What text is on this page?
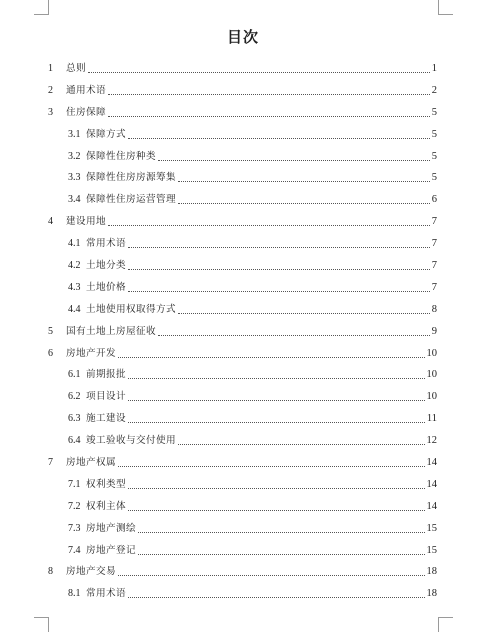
目次
1	总则	1
2	通用术语	2
3	住房保障	5
3.1 保障方式	5
3.2 保障性住房种类	5
3.3 保障性住房房源筹集	5
3.4 保障性住房运营管理	6
4	建设用地	7
4.1 常用术语	7
4.2 土地分类	7
4.3 土地价格	7
4.4 土地使用权取得方式	8
5	国有土地上房屋征收	9
6	房地产开发	10
6.1 前期报批	10
6.2 项目设计	10
6.3 施工建设	11
6.4 竣工验收与交付使用	12
7	房地产权属	14
7.1 权利类型	14
7.2 权利主体	14
7.3 房地产测绘	15
7.4 房地产登记	15
8	房地产交易	18
8.1 常用术语	18
